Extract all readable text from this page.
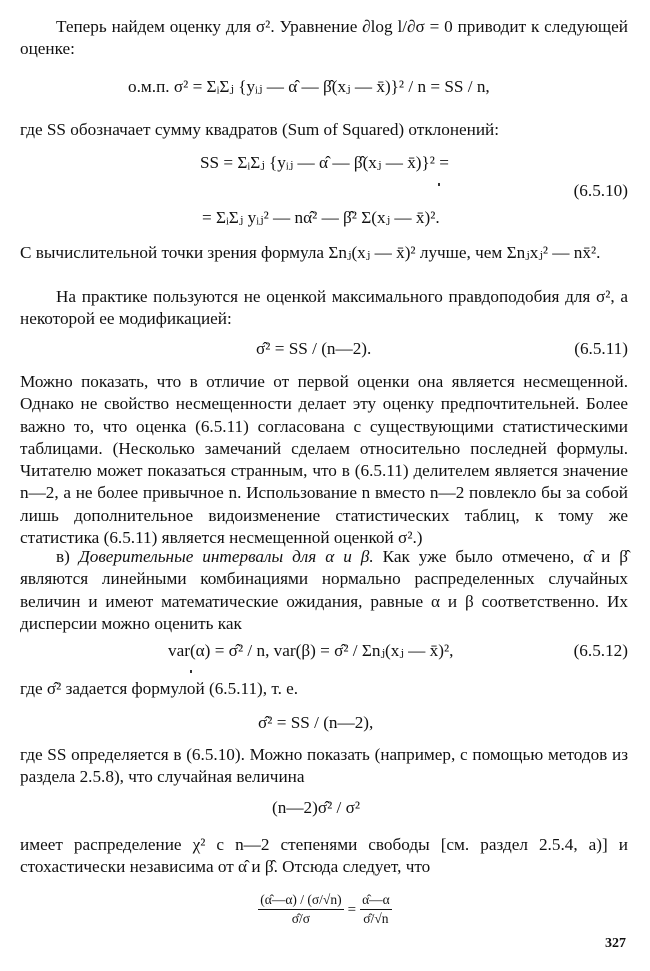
Теперь найдем оценку для σ². Уравнение ∂log l/∂σ = 0 приводит к следующей оценке:

о.м.п. σ² = ΣᵢΣⱼ {yᵢⱼ — α̂ — β̂(xⱼ — x̄)}² / n = SS / n,

где SS обозначает сумму квадратов (Sum of Squared) отклонений:

SS = ΣᵢΣⱼ {yᵢⱼ — α̂ — β̂(xⱼ — x̄)}² =
(6.5.10)
= ΣᵢΣⱼ yᵢⱼ² — nα̂² — β̂² Σ(xⱼ — x̄)².

С вычислительной точки зрения формула Σnⱼ(xⱼ — x̄)² лучше, чем Σnⱼxⱼ² — nx̄².

На практике пользуются не оценкой максимального правдоподобия для σ², а некоторой ее модификацией:

σ̂² = SS / (n—2).	(6.5.11)

Можно показать, что в отличие от первой оценки она является несмещенной. Однако не свойство несмещенности делает эту оценку предпочтительней. Более важно то, что оценка (6.5.11) согласована с существующими статистическими таблицами. (Несколько замечаний сделаем относительно последней формулы. Читателю может показаться странным, что в (6.5.11) делителем является значение n—2, а не более привычное n. Использование n вместо n—2 повлекло бы за собой лишь дополнительное видоизменение статистических таблиц, к тому же статистика (6.5.11) является несмещенной оценкой σ².)

в) Доверительные интервалы для α и β. Как уже было отмечено, α̂ и β̂ являются линейными комбинациями нормально распределенных случайных величин и имеют математические ожидания, равные α и β соответственно. Их дисперсии можно оценить как

var(α) = σ̂² / n, var(β) = σ̂² / Σnⱼ(xⱼ — x̄)²,	(6.5.12)

где σ̂² задается формулой (6.5.11), т. е.

σ̂² = SS / (n—2),

где SS определяется в (6.5.10). Можно показать (например, с помощью методов из раздела 2.5.8), что случайная величина

(n—2)σ̂² / σ²

имеет распределение χ² с n—2 степенями свободы [см. раздел 2.5.4, а)] и стохастически независима от α̂ и β̂. Отсюда следует, что

$\frac{(\alphâ—\alpha) / (\sigma/√n)}{\sigmâ/\sigma} = \frac{\alphâ—\alpha}{\sigmâ/√n}$
327
